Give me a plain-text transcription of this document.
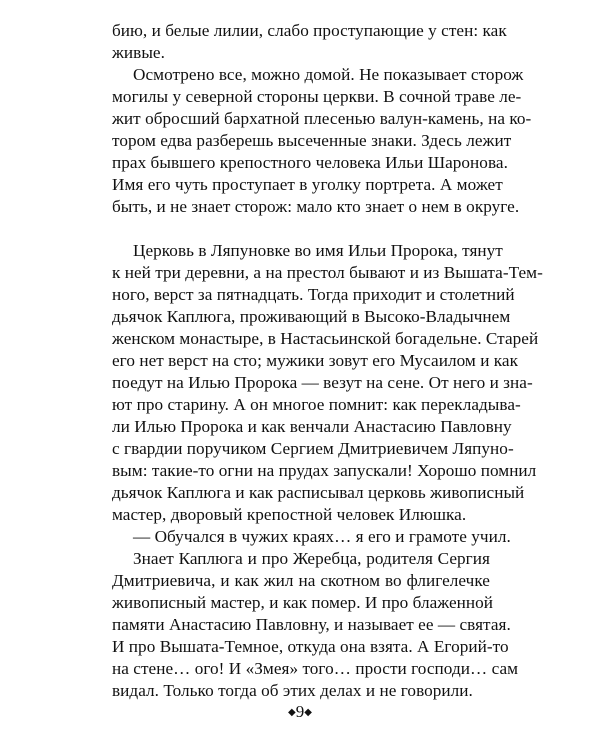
бию, и белые лилии, слабо проступающие у стен: как
живые.
Осмотрено все, можно домой. Не показывает сторож
могилы у северной стороны церкви. В сочной траве ле-
жит обросший бархатной плесенью валун-камень, на ко-
тором едва разберешь высеченные знаки. Здесь лежит
прах бывшего крепостного человека Ильи Шаронова.
Имя его чуть проступает в уголку портрета. А может
быть, и не знает сторож: мало кто знает о нем в округе.
Церковь в Ляпуновке во имя Ильи Пророка, тянут
к ней три деревни, а на престол бывают и из Вышата-Тем-
ного, верст за пятнадцать. Тогда приходит и столетний
дьячок Каплюга, проживающий в Высоко-Владычнем
женском монастыре, в Настасьинской богадельне. Старей
его нет верст на сто; мужики зовут его Мусаилом и как
поедут на Илью Пророка — везут на сене. От него и зна-
ют про старину. А он многое помнит: как перекладыва-
ли Илью Пророка и как венчали Анастасию Павловну
с гвардии поручиком Сергием Дмитриевичем Ляпуно-
вым: такие-то огни на прудах запускали! Хорошо помнил
дьячок Каплюга и как расписывал церковь живописный
мастер, дворовый крепостной человек Илюшка.
— Обучался в чужих краях… я его и грамоте учил.
Знает Каплюга и про Жеребца, родителя Сергия
Дмитриевича, и как жил на скотном во флигелечке
живописный мастер, и как помер. И про блаженной
памяти Анастасию Павловну, и называет ее — святая.
И про Вышата-Темное, откуда она взята. А Егорий-то
на стене… ого! И «Змея» того… прости господи… сам
видал. Только тогда об этих делах и не говорили.
◆9◆
